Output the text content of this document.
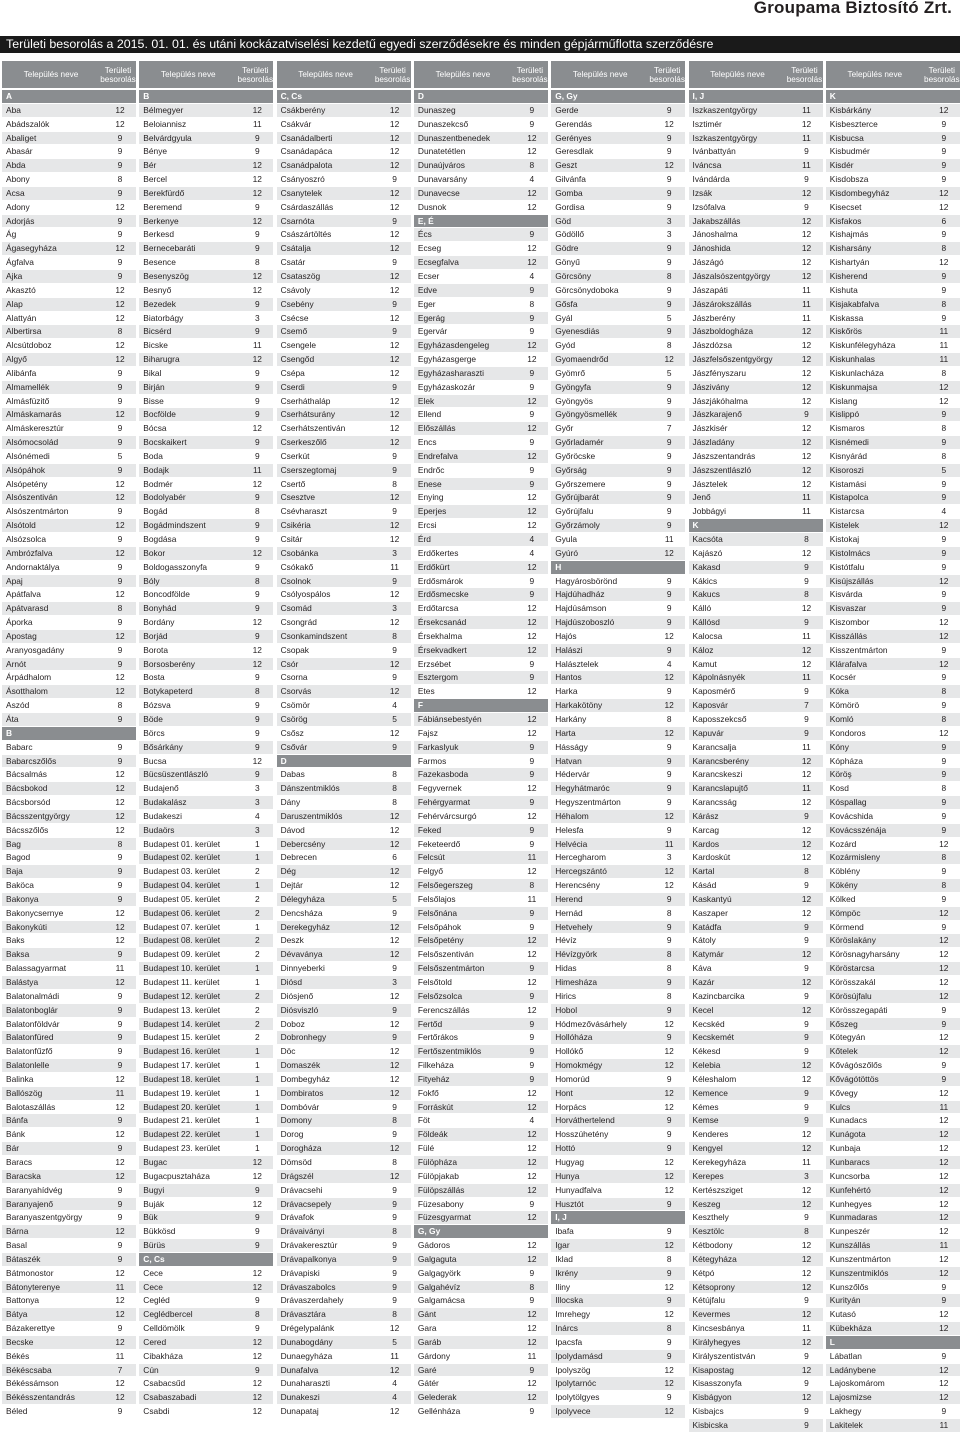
Groupama Biztosító Zrt.
Területi besorolás a 2015. 01. 01. és utáni kockázatviselési kezdetű egyedi szerződésekre és minden gépjárműflotta szerződésre
Település neve	Területi
besorolás
A
Aba	12
Abádszalók	12
Abaliget	9
Abasár	9
Abda	9
Abony	8
Acsa	9
Adony	12
Adorjás	9
Ág	9
Ágasegyháza	12
Ágfalva	9
Ajka	9
Akasztó	12
Alap	12
Alattyán	12
Albertirsa	8
Alcsútdoboz	12
Algyő	12
Alibánfa	9
Almamellék	9
Almásfüzitő	9
Almáskamarás	12
Almáskeresztúr	9
Alsómocsolád	9
Alsónémedi	5
Alsópáhok	9
Alsópetény	12
Alsószentiván	12
Alsószentmárton	9
Alsótold	12
Alsózsolca	9
Ambrózfalva	12
Andornaktálya	9
Apaj	9
Apátfalva	12
Apátvarasd	8
Áporka	9
Apostag	12
Aranyosgadány	9
Arnót	9
Árpádhalom	12
Ásotthalom	12
Aszód	8
Áta	9
B
Babarc	9
Babarcszőlős	9
Bácsalmás	12
Bácsbokod	12
Bácsborsód	12
Bácsszentgyörgy	12
Bácsszőlős	12
Bag	8
Bagod	9
Baja	9
Baköca	9
Bakonya	9
Bakonycsernye	12
Bakonykúti	12
Baks	12
Baksa	9
Balassagyarmat	11
Balástya	12
Balatonalmádi	9
Balatonboglár	9
Balatonföldvár	9
Balatonfüred	9
Balatonfűzfő	9
Balatonlelle	9
Balinka	12
Ballószög	11
Balotaszállás	12
Bánfa	9
Bánk	12
Bár	9
Baracs	12
Baracska	12
Baranyahídvég	9
Baranyajenő	9
Baranyaszentgyörgy	9
Bárna	12
Basal	9
Bátaszék	9
Bátmonostor	12
Bátonyterenye	11
Battonya	12
Bátya	12
Bázakerettye	9
Becske	12
Békés	11
Békéscsaba	7
Békéssámson	12
Békésszentandrás	12
Béled	9
Település neve	Területi
besorolás
B
Bélmegyer	12
Beloiannisz	11
Belvárdgyula	9
Bénye	9
Bér	12
Bercel	12
Berekfürdő	12
Beremend	9
Berkenye	12
Berkesd	9
Bernecebaráti	9
Besence	8
Besenyszög	12
Besnyő	12
Bezedek	9
Biatorbágy	3
Bicsérd	9
Bicske	11
Biharugra	12
Bikal	9
Birján	9
Bisse	9
Bocfölde	9
Bócsa	12
Bocskaikert	9
Boda	9
Bodajk	11
Bodmér	12
Bodolyabér	9
Bogád	8
Bogádmindszent	9
Bogdása	9
Bokor	12
Boldogasszonyfa	9
Bóly	8
Boncodfölde	9
Bonyhád	9
Bordány	12
Borjád	9
Borota	12
Borsosberény	12
Bosta	9
Botykapeterd	8
Bózsva	9
Böde	9
Börcs	9
Bősárkány	9
Bucsa	12
Bücsüszentlászló	9
Budajenő	3
Budakalász	3
Budakeszi	4
Budaörs	3
Budapest 01. kerület	1
Budapest 02. kerület	1
Budapest 03. kerület	2
Budapest 04. kerület	1
Budapest 05. kerület	2
Budapest 06. kerület	2
Budapest 07. kerület	1
Budapest 08. kerület	2
Budapest 09. kerület	2
Budapest 10. kerület	1
Budapest 11. kerület	1
Budapest 12. kerület	2
Budapest 13. kerület	2
Budapest 14. kerület	2
Budapest 15. kerület	2
Budapest 16. kerület	1
Budapest 17. kerület	1
Budapest 18. kerület	1
Budapest 19. kerület	1
Budapest 20. kerület	1
Budapest 21. kerület	1
Budapest 22. kerület	1
Budapest 23. kerület	1
Bugac	12
Bugacpusztaháza	12
Bugyi	9
Buják	12
Bük	9
Bükkösd	9
Bürüs	9
C, Cs
Cece	12
Cece	12
Cegléd	9
Ceglédbercel	8
Celldömölk	9
Cered	12
Cibakháza	12
Cún	9
Csabacsűd	12
Csabaszabadi	12
Csabdi	12
Település neve	Területi
besorolás
C, Cs
Csákberény	12
Csákvár	12
Csanádalberti	12
Csanádapáca	12
Csanádpalota	12
Csányoszró	9
Csanytelek	12
Csárdaszállás	12
Csarnóta	9
Császártöltés	12
Csátalja	12
Csatár	9
Csataszög	12
Csávoly	12
Csebény	9
Csécse	12
Csemő	9
Csengele	12
Csengőd	12
Csépa	12
Cserdi	9
Cserháthaláp	12
Cserhátsurány	12
Cserhátszentiván	12
Cserkeszőlő	12
Cserkút	9
Cserszegtomaj	9
Csertő	8
Csesztve	12
Csévharaszt	9
Csikéria	12
Csitár	12
Csobánka	3
Csókakő	11
Csolnok	9
Csólyospálos	12
Csomád	3
Csongrád	12
Csonkamindszent	8
Csopak	9
Csór	12
Csorna	9
Csorvás	12
Csömör	4
Csörög	5
Csősz	12
Csővár	9
D
Dabas	8
Dánszentmiklós	8
Dány	8
Daruszentmiklós	12
Dávod	12
Debercsény	12
Debrecen	6
Dég	12
Dejtár	12
Délegyháza	5
Dencsháza	9
Derekegyház	12
Deszk	12
Dévaványa	12
Dinnyeberki	9
Diósd	3
Diósjenő	12
Diósviszló	9
Doboz	12
Dobronhegy	9
Döc	12
Domaszék	12
Dombegyház	12
Dombiratos	12
Dombóvár	9
Domony	8
Dorog	9
Dorogháza	12
Dömsöd	8
Drágszél	12
Drávacsehi	9
Drávacsepely	9
Drávafok	9
Drávaiványi	8
Drávakeresztúr	9
Drávapalkonya	9
Drávapiski	9
Drávaszabolcs	9
Drávaszerdahely	9
Drávasztára	8
Drégelypalánk	12
Dunabogdány	5
Dunaegyháza	11
Dunafalva	12
Dunaharaszti	4
Dunakeszi	4
Dunapataj	12
Település neve	Területi
besorolás
D
Dunaszeg	9
Dunaszekcső	9
Dunaszentbenedek	12
Dunatetétlen	12
Dunaújváros	8
Dunavarsány	4
Dunavecse	12
Dusnok	12
E, É
Écs	9
Ecseg	12
Ecsegfalva	12
Ecser	4
Edve	9
Eger	8
Egerág	9
Egervár	9
Egyházasdengeleg	12
Egyházasgerge	12
Egyházasharaszti	9
Egyházaskozár	9
Elek	12
Ellend	9
Előszállás	12
Encs	9
Endrefalva	12
Endrőc	9
Enese	9
Enying	12
Eperjes	12
Ercsi	12
Érd	4
Erdőkertes	4
Erdőkürt	12
Erdősmárok	9
Erdősmecske	9
Erdőtarcsa	12
Érsekcsanád	12
Érsekhalma	12
Érsekvadkert	12
Erzsébet	9
Esztergom	9
Etes	12
F
Fábiánsebestyén	12
Fajsz	12
Farkaslyuk	9
Farmos	9
Fazekasboda	9
Fegyvernek	12
Fehérgyarmat	9
Fehérvárcsurgó	12
Feked	9
Feketeerdő	9
Felcsút	11
Felgyő	12
Felsőegerszeg	8
Felsőlajos	11
Felsőnána	9
Felsőpáhok	9
Felsőpetény	12
Felsőszentiván	12
Felsőszentmárton	9
Felsőtold	12
Felsőzsolca	9
Ferencszállás	12
Fertőd	9
Fertőrákos	9
Fertőszentmiklós	9
Filkeháza	9
Fityeház	9
Fokfő	12
Forráskút	12
Föt	4
Földeák	12
Fülé	12
Fülöpháza	12
Fülöpjakab	12
Fülöpszállás	12
Füzesabony	9
Füzesgyarmat	12
G, Gy
Gádoros	12
Galgaguta	12
Galgagyörk	9
Galgahévíz	8
Galgamácsa	9
Gánt	12
Gara	12
Garáb	12
Gárdony	11
Garé	9
Gátér	12
Gelederak	12
Gellénháza	9
Település neve	Területi
besorolás
G, Gy
Gerde	9
Gerendás	12
Gerényes	9
Geresdlak	9
Geszt	12
Gilvánfa	9
Gomba	9
Gordisa	9
Göd	3
Gödöllő	3
Gödre	9
Gönyű	9
Görcsöny	8
Görcsönydoboka	9
Gősfa	9
Gyál	5
Gyenesdiás	9
Gyód	8
Gyomaendrőd	12
Gyömrő	5
Gyöngyfa	9
Gyöngyös	9
Gyöngyösmellék	9
Győr	7
Győrladamér	9
Győröcske	9
Győrság	9
Győrszemere	9
Győrújbarát	9
Győrújfalu	9
Győrzámoly	9
Gyula	11
Gyúró	12
H
Hagyárosbörönd	9
Hajdúhadház	9
Hajdúsámson	9
Hajdúszoboszló	9
Hajós	12
Halászi	9
Halásztelek	4
Hantos	12
Harka	9
Harkakötöny	12
Harkány	8
Harta	12
Hásságy	9
Hatvan	9
Hédervár	9
Hegyhátmaróc	9
Hegyszentmárton	9
Héhalom	12
Helesfa	9
Helvécia	11
Hercegharom	3
Hercegszántó	12
Herencsény	12
Herend	9
Hernád	8
Hetvehely	9
Hévíz	9
Hévízgyörk	8
Hidas	8
Himesháza	9
Hirics	8
Hobol	9
Hódmezővásárhely	12
Hollóháza	9
Hollókő	12
Homokmégy	12
Homorúd	9
Hont	12
Horpács	12
Horváthertelend	9
Hosszúhetény	9
Hottó	9
Hugyag	12
Hunya	12
Hunyadfalva	12
Husztót	9
I, J
Ibafa	9
Igar	12
Iklad	8
Ikrény	9
Iliny	12
Illocska	9
Imrehegy	12
Inárcs	8
Ipacsfa	9
Ipolydamásd	9
Ipolyszög	12
Ipolytarnóc	12
Ipolytölgyes	9
Ipolyvece	12
Település neve	Területi
besorolás
I, J
Iszkaszentgyörgy	11
Isztimér	12
Iszkaszentgyörgy	11
Ivánbattyán	9
Iváncsa	11
Ivándárda	9
Izsák	12
Izsófalva	9
Jakabszállás	12
Jánoshalma	12
Jánoshida	12
Jászágó	12
Jászalsószentgyörgy	12
Jászapáti	11
Jászárokszállás	11
Jászberény	11
Jászboldogháza	12
Jászdózsa	12
Jászfelsőszentgyörgy	12
Jászfényszaru	12
Jászivány	12
Jászjákóhalma	12
Jászkarajenő	9
Jászkisér	12
Jászladány	12
Jászszentandrás	12
Jászszentlászló	12
Jásztelek	12
Jenő	11
Jobbágyi	11
K
Kacsóta	8
Kajászó	12
Kakasd	9
Kákics	9
Kakucs	8
Kálló	12
Kállósd	9
Kalocsa	11
Káloz	12
Kamut	12
Kápolnásnyék	11
Kaposmérő	9
Kaposvár	7
Kaposszekcső	9
Kapuvár	9
Karancsalja	11
Karancsberény	12
Karancskeszi	12
Karancslapujtő	11
Karancsság	12
Kárász	9
Karcag	12
Kardos	12
Kardoskút	12
Kartal	8
Kásád	9
Kaskantyú	12
Kaszaper	12
Katádfa	9
Kátoly	9
Katymár	12
Káva	9
Kazár	12
Kazincbarcika	9
Kecel	12
Kecskéd	9
Kecskemét	9
Kékesd	9
Kelebia	12
Kéleshalom	12
Kemence	9
Kémes	9
Kemse	9
Kenderes	12
Kengyel	12
Kerekegyháza	11
Kerepes	3
Kertészsziget	12
Keszeg	12
Keszthely	9
Kesztölc	8
Kétbodony	12
Kétegyháza	12
Kétpó	12
Kétsoprony	12
Kétújfalu	9
Kevermes	12
Kincsesbánya	11
Királyhegyes	12
Királyszentistván	9
Kisapostag	12
Kisasszonyfa	9
Kisbágyon	12
Kisbajcs	9
Kisbicska	9
Település neve	Területi
besorolás
K
Kisbárkány	12
Kisbeszterce	9
Kisbucsa	9
Kisbudmér	9
Kisdér	9
Kisdobsza	9
Kisdombegyház	12
Kisecset	12
Kisfakos	6
Kishajmás	9
Kisharsány	8
Kishartyán	12
Kisherend	9
Kishuta	9
Kisjakabfalva	8
Kiskassa	9
Kiskőrös	11
Kiskunfélegyháza	11
Kiskunhalas	11
Kiskunlacháza	8
Kiskunmajsa	12
Kislang	12
Kislippó	9
Kismaros	8
Kisnémedi	9
Kisnyárád	8
Kisoroszi	5
Kistamási	9
Kistapolca	9
Kistarcsa	4
Kistelek	12
Kistokaj	9
Kistolmács	9
Kistótfalu	9
Kisújszállás	12
Kisvárda	9
Kisvaszar	9
Kiszombor	12
Kisszállás	12
Kisszentmárton	9
Klárafalva	12
Kocsér	9
Kóka	8
Kömörö	9
Komló	8
Kondoros	12
Kóny	9
Kópháza	9
Köröş	9
Kosd	8
Kóspallag	9
Kovácshida	9
Kovácsszénája	9
Kozárd	12
Kozármisleny	8
Köblény	9
Kökény	8
Kölked	9
Kömpöc	12
Körmend	9
Köröslakány	12
Körösnagyharsány	12
Köröstarcsa	12
Körösszakál	12
Körösújfalu	12
Körösszegapáti	9
Kőszeg	9
Kötegyán	12
Kőtelek	12
Kővágószőlős	9
Kővágótöttös	9
Kővegy	12
Kulcs	11
Kunadacs	12
Kunágota	12
Kunbaja	12
Kunbaracs	12
Kuncsorba	12
Kunfehértó	12
Kunhegyes	12
Kunmadaras	12
Kunpeszér	12
Kunszállás	11
Kunszentmárton	12
Kunszentmiklós	12
Kunszőlős	9
Kurityán	9
Kutasó	12
Kübekháza	12
L
Lábatlan	9
Ladánybene	12
Lajoskomárom	12
Lajosmizse	12
Lakhegy	9
Lakitelek	11
